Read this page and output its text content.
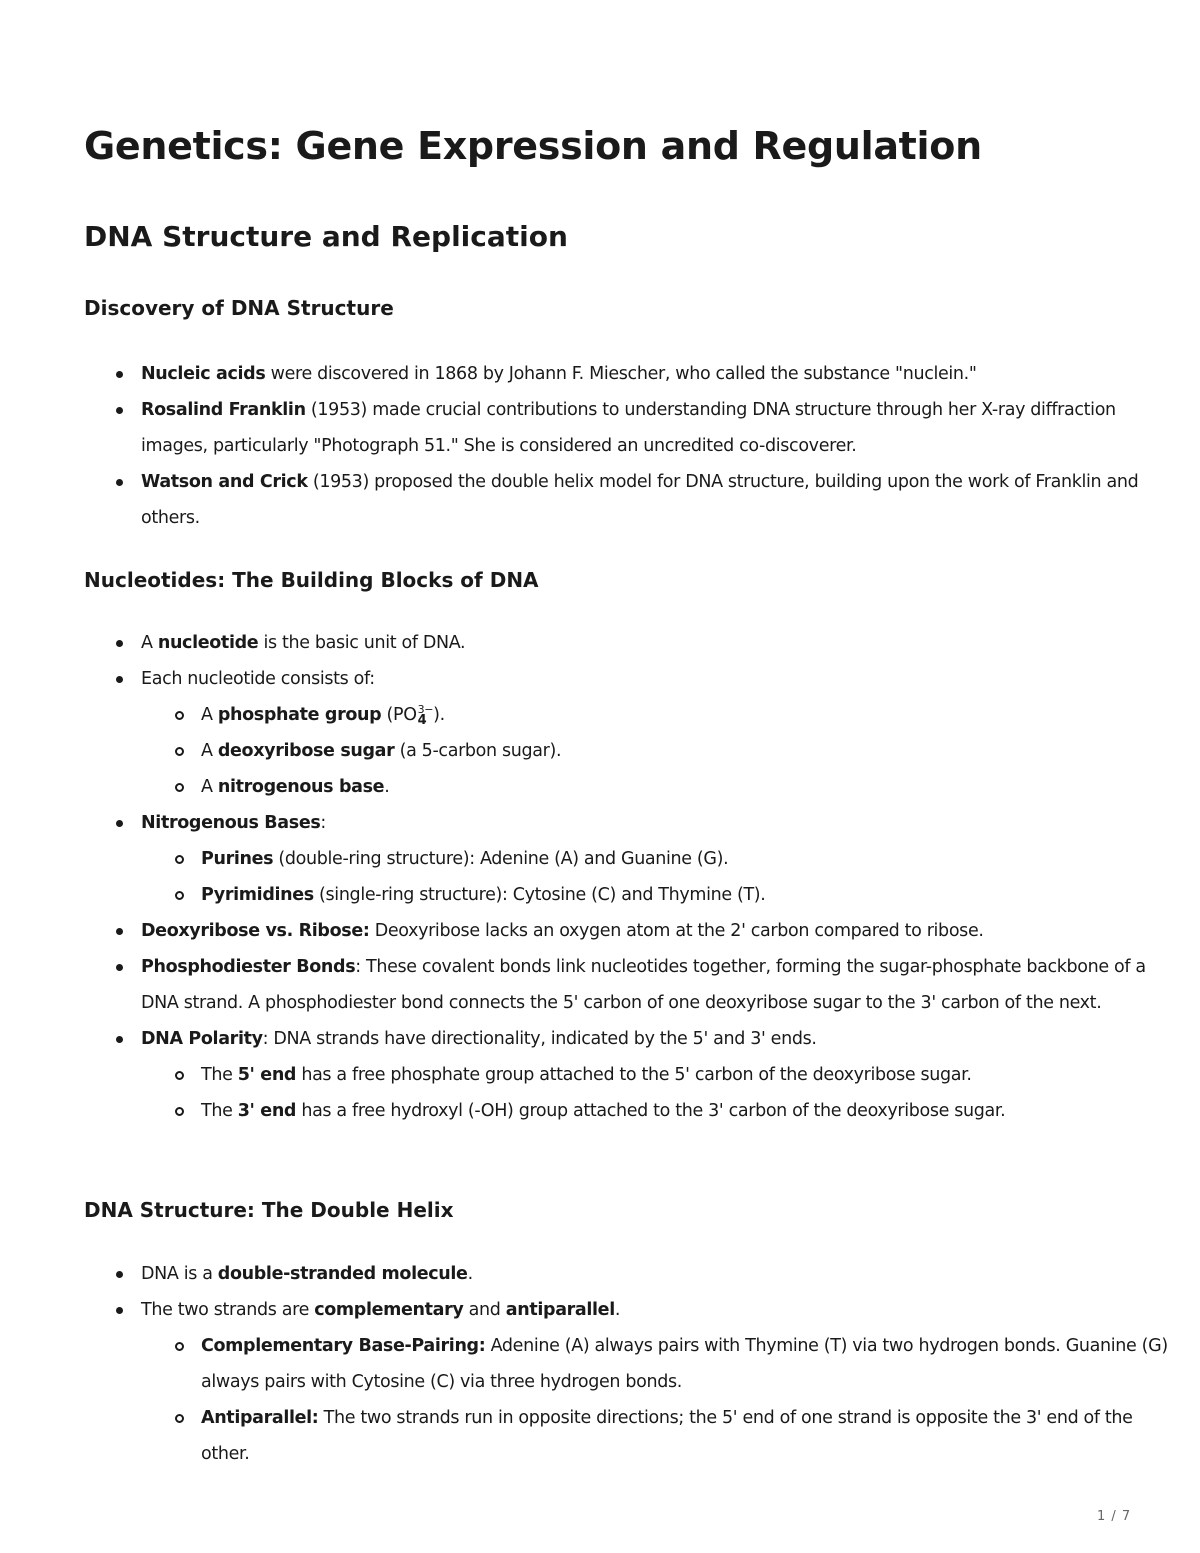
Genetics: Gene Expression and Regulation
DNA Structure and Replication
Discovery of DNA Structure
Nucleic acids were discovered in 1868 by Johann F. Miescher, who called the substance "nuclein."
Rosalind Franklin (1953) made crucial contributions to understanding DNA structure through her X-ray diffraction images, particularly "Photograph 51." She is considered an uncredited co-discoverer.
Watson and Crick (1953) proposed the double helix model for DNA structure, building upon the work of Franklin and others.
Nucleotides: The Building Blocks of DNA
A nucleotide is the basic unit of DNA.
Each nucleotide consists of:
A phosphate group (PO 3−
4 ).
A deoxyribose sugar (a 5-carbon sugar).
A nitrogenous base.
Nitrogenous Bases:
Purines (double-ring structure): Adenine (A) and Guanine (G).
Pyrimidines (single-ring structure): Cytosine (C) and Thymine (T).
Deoxyribose vs. Ribose: Deoxyribose lacks an oxygen atom at the 2' carbon compared to ribose.
Phosphodiester Bonds: These covalent bonds link nucleotides together, forming the sugar-phosphate backbone of a DNA strand. A phosphodiester bond connects the 5' carbon of one deoxyribose sugar to the 3' carbon of the next.
DNA Polarity: DNA strands have directionality, indicated by the 5' and 3' ends.
The 5' end has a free phosphate group attached to the 5' carbon of the deoxyribose sugar.
The 3' end has a free hydroxyl (-OH) group attached to the 3' carbon of the deoxyribose sugar.
DNA Structure: The Double Helix
DNA is a double-stranded molecule.
The two strands are complementary and antiparallel.
Complementary Base-Pairing: Adenine (A) always pairs with Thymine (T) via two hydrogen bonds. Guanine (G) always pairs with Cytosine (C) via three hydrogen bonds.
Antiparallel: The two strands run in opposite directions; the 5' end of one strand is opposite the 3' end of the other.
1 / 7
